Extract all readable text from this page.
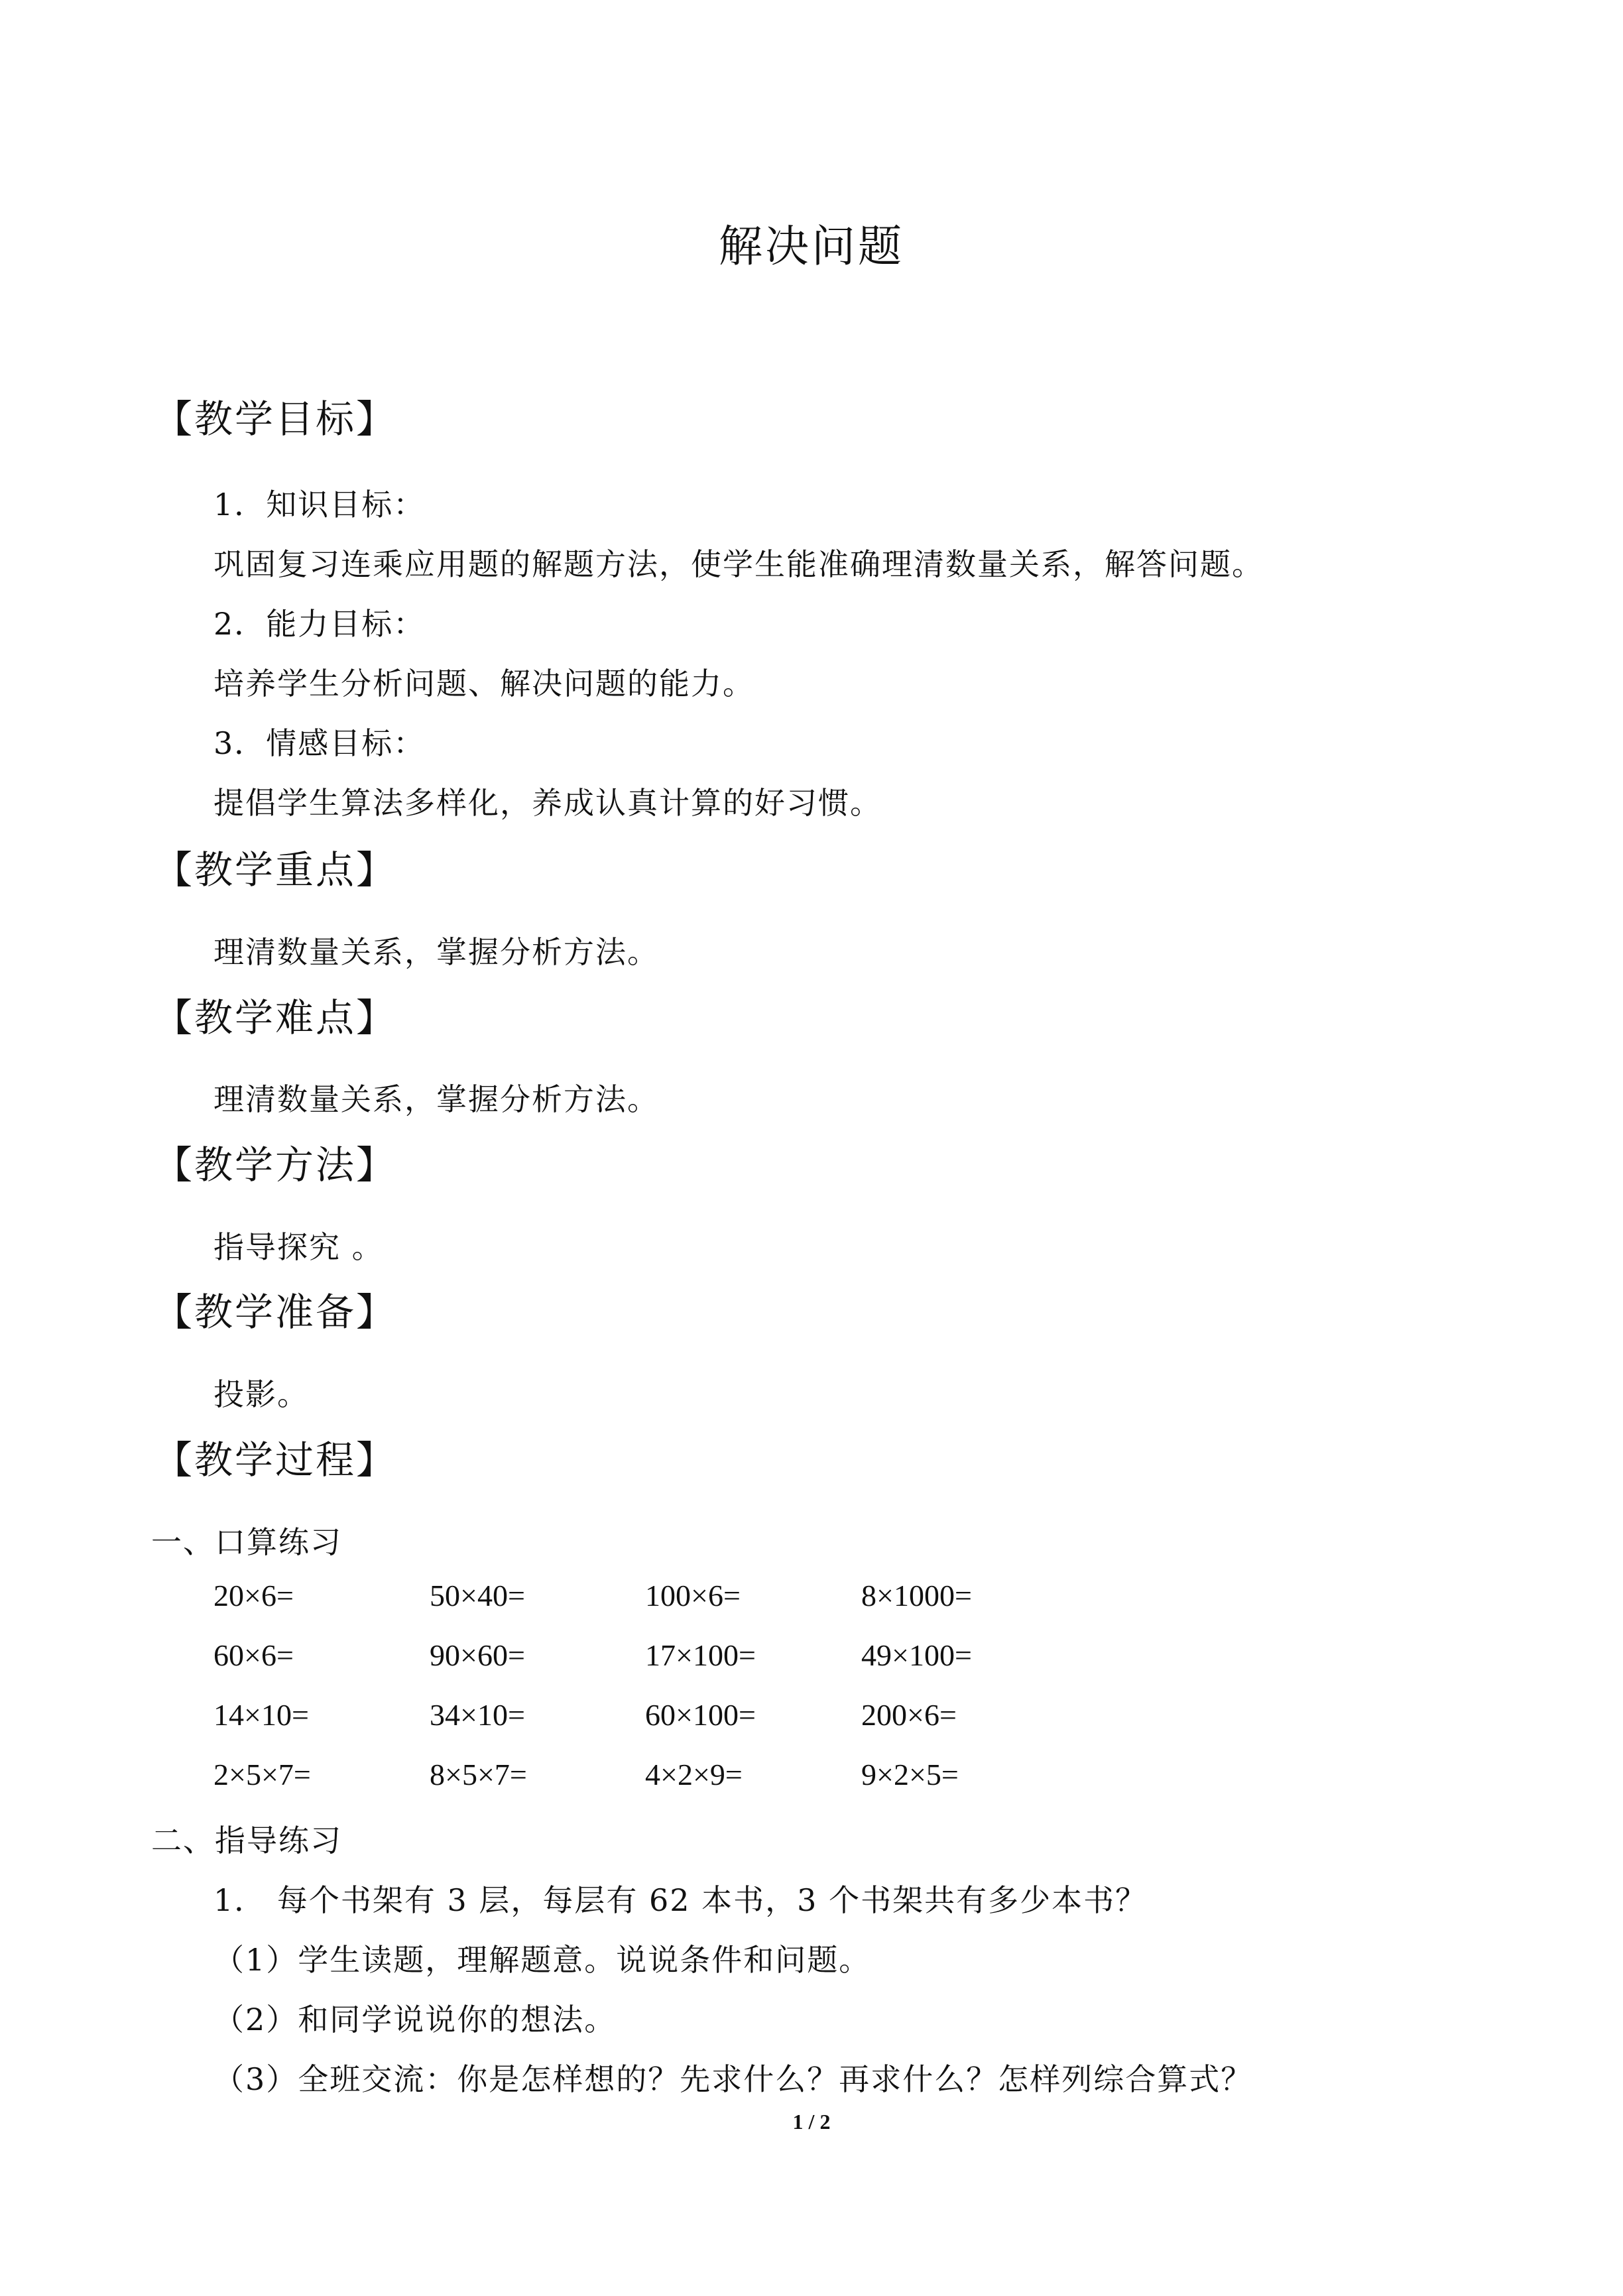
解决问题
【教学目标】
1．知识目标：
巩固复习连乘应用题的解题方法，使学生能准确理清数量关系，解答问题。
2．能力目标：
培养学生分析问题、解决问题的能力。
3．情感目标：
提倡学生算法多样化，养成认真计算的好习惯。
【教学重点】
理清数量关系，掌握分析方法。
【教学难点】
理清数量关系，掌握分析方法。
【教学方法】
指导探究 。
【教学准备】
投影。
【教学过程】
一、口算练习
20×6=	50×40=	100×6=	8×1000=
60×6=	90×60=	17×100=	49×100=
14×10=	34×10=	60×100=	200×6=
2×5×7=	8×5×7=	4×2×9=	9×2×5=
二、指导练习
1． 每个书架有 3 层，每层有 62 本书，3 个书架共有多少本书？
（1）学生读题，理解题意。说说条件和问题。
（2）和同学说说你的想法。
（3）全班交流：你是怎样想的？先求什么？再求什么？怎样列综合算式？
1 / 2
